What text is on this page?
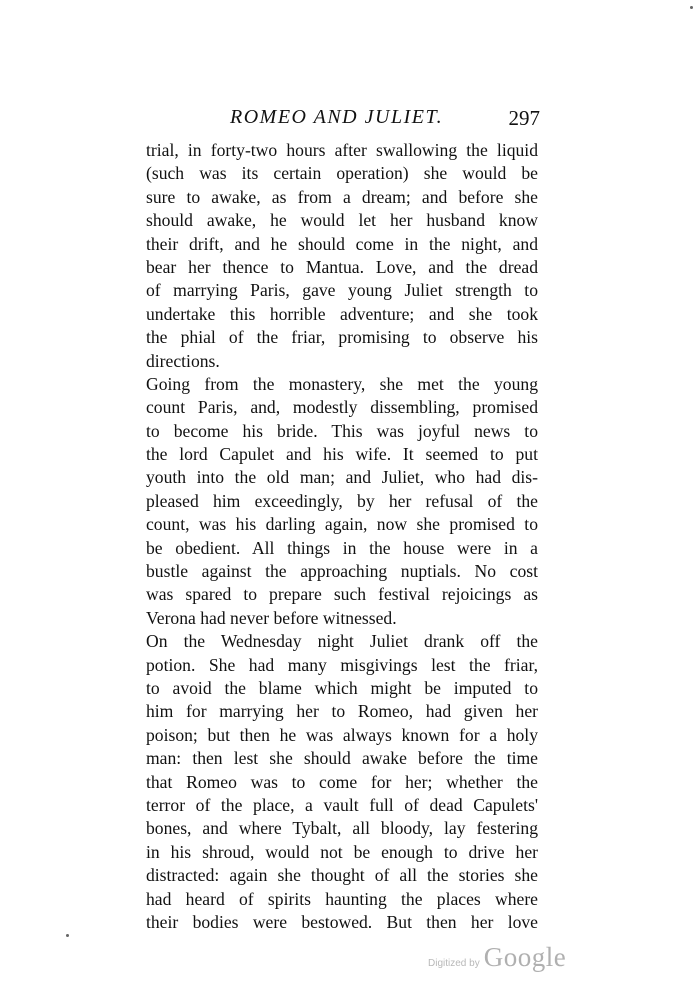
ROMEO AND JULIET.	297
trial, in forty-two hours after swallowing the liquid
(such was its certain operation) she would be
sure to awake, as from a dream; and before she
should awake, he would let her husband know
their drift, and he should come in the night, and
bear her thence to Mantua. Love, and the dread
of marrying Paris, gave young Juliet strength to
undertake this horrible adventure; and she took
the phial of the friar, promising to observe his
directions.
Going from the monastery, she met the young
count Paris, and, modestly dissembling, promised
to become his bride. This was joyful news to
the lord Capulet and his wife. It seemed to put
youth into the old man; and Juliet, who had dis-
pleased him exceedingly, by her refusal of the
count, was his darling again, now she promised to
be obedient. All things in the house were in a
bustle against the approaching nuptials. No cost
was spared to prepare such festival rejoicings as
Verona had never before witnessed.
On the Wednesday night Juliet drank off the
potion. She had many misgivings lest the friar,
to avoid the blame which might be imputed to
him for marrying her to Romeo, had given her
poison; but then he was always known for a holy
man: then lest she should awake before the time
that Romeo was to come for her; whether the
terror of the place, a vault full of dead Capulets'
bones, and where Tybalt, all bloody, lay festering
in his shroud, would not be enough to drive her
distracted: again she thought of all the stories she
had heard of spirits haunting the places where
their bodies were bestowed. But then her love
Digitized by Google
